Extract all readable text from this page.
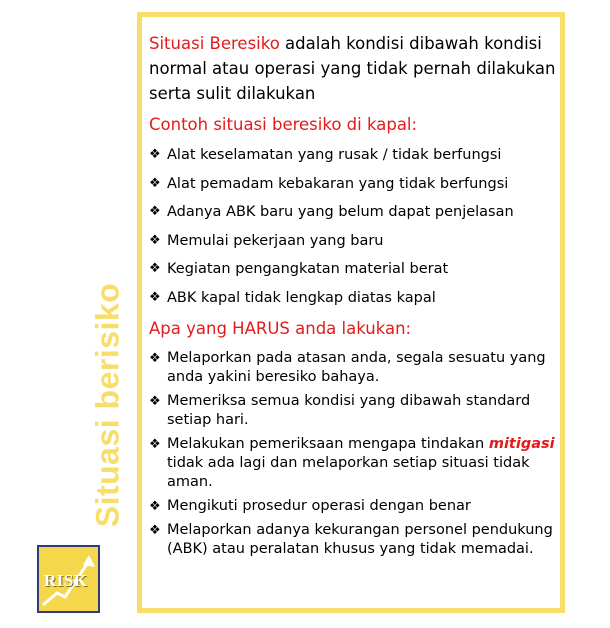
Situasi berisiko
RISK

Situasi Beresiko adalah kondisi dibawah kondisi normal atau operasi yang tidak pernah dilakukan serta sulit dilakukan

Contoh situasi beresiko di kapal:
❖ Alat keselamatan yang rusak / tidak berfungsi
❖ Alat pemadam kebakaran yang tidak berfungsi
❖ Adanya ABK baru yang belum dapat penjelasan
❖ Memulai pekerjaan yang baru
❖ Kegiatan pengangkatan material berat
❖ ABK kapal tidak lengkap diatas kapal
Apa yang HARUS anda lakukan:
❖ Melaporkan pada atasan anda, segala sesuatu yang anda yakini beresiko bahaya.
❖ Memeriksa semua kondisi yang dibawah standard setiap hari.
❖ Melakukan pemeriksaan mengapa tindakan mitigasi tidak ada lagi dan melaporkan setiap situasi tidak aman.
❖ Mengikuti prosedur operasi dengan benar
❖ Melaporkan adanya kekurangan personel pendukung (ABK) atau peralatan khusus yang tidak memadai.
